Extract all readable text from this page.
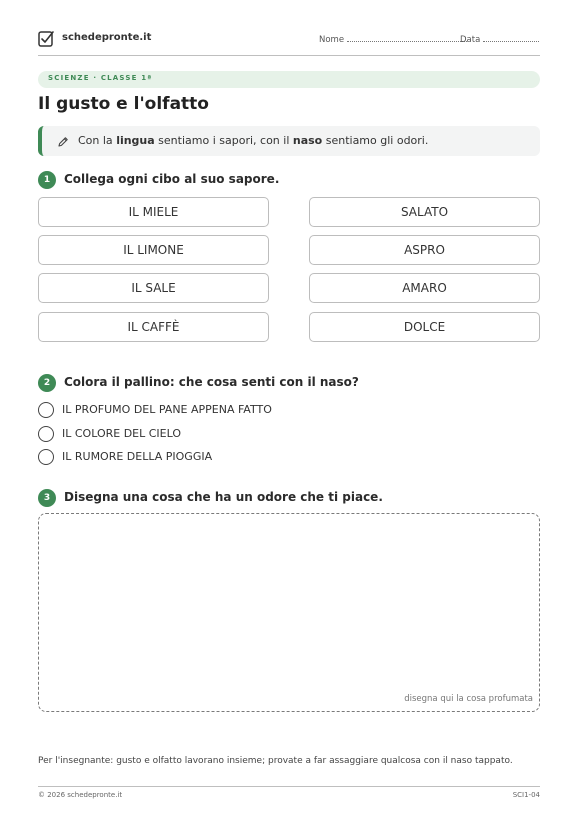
schedepronte.it	Nome	Data
SCIENZE · CLASSE 1ª
Il gusto e l'olfatto
Con la lingua sentiamo i sapori, con il naso sentiamo gli odori.
1	Collega ogni cibo al suo sapore.
IL MIELE
IL LIMONE
IL SALE
IL CAFFÈ
SALATO
ASPRO
AMARO
DOLCE
2	Colora il pallino: che cosa senti con il naso?
IL PROFUMO DEL PANE APPENA FATTO
IL COLORE DEL CIELO
IL RUMORE DELLA PIOGGIA
3	Disegna una cosa che ha un odore che ti piace.
disegna qui la cosa profumata
Per l'insegnante: gusto e olfatto lavorano insieme; provate a far assaggiare qualcosa con il naso tappato.
© 2026 schedepronte.it	SCI1-04
